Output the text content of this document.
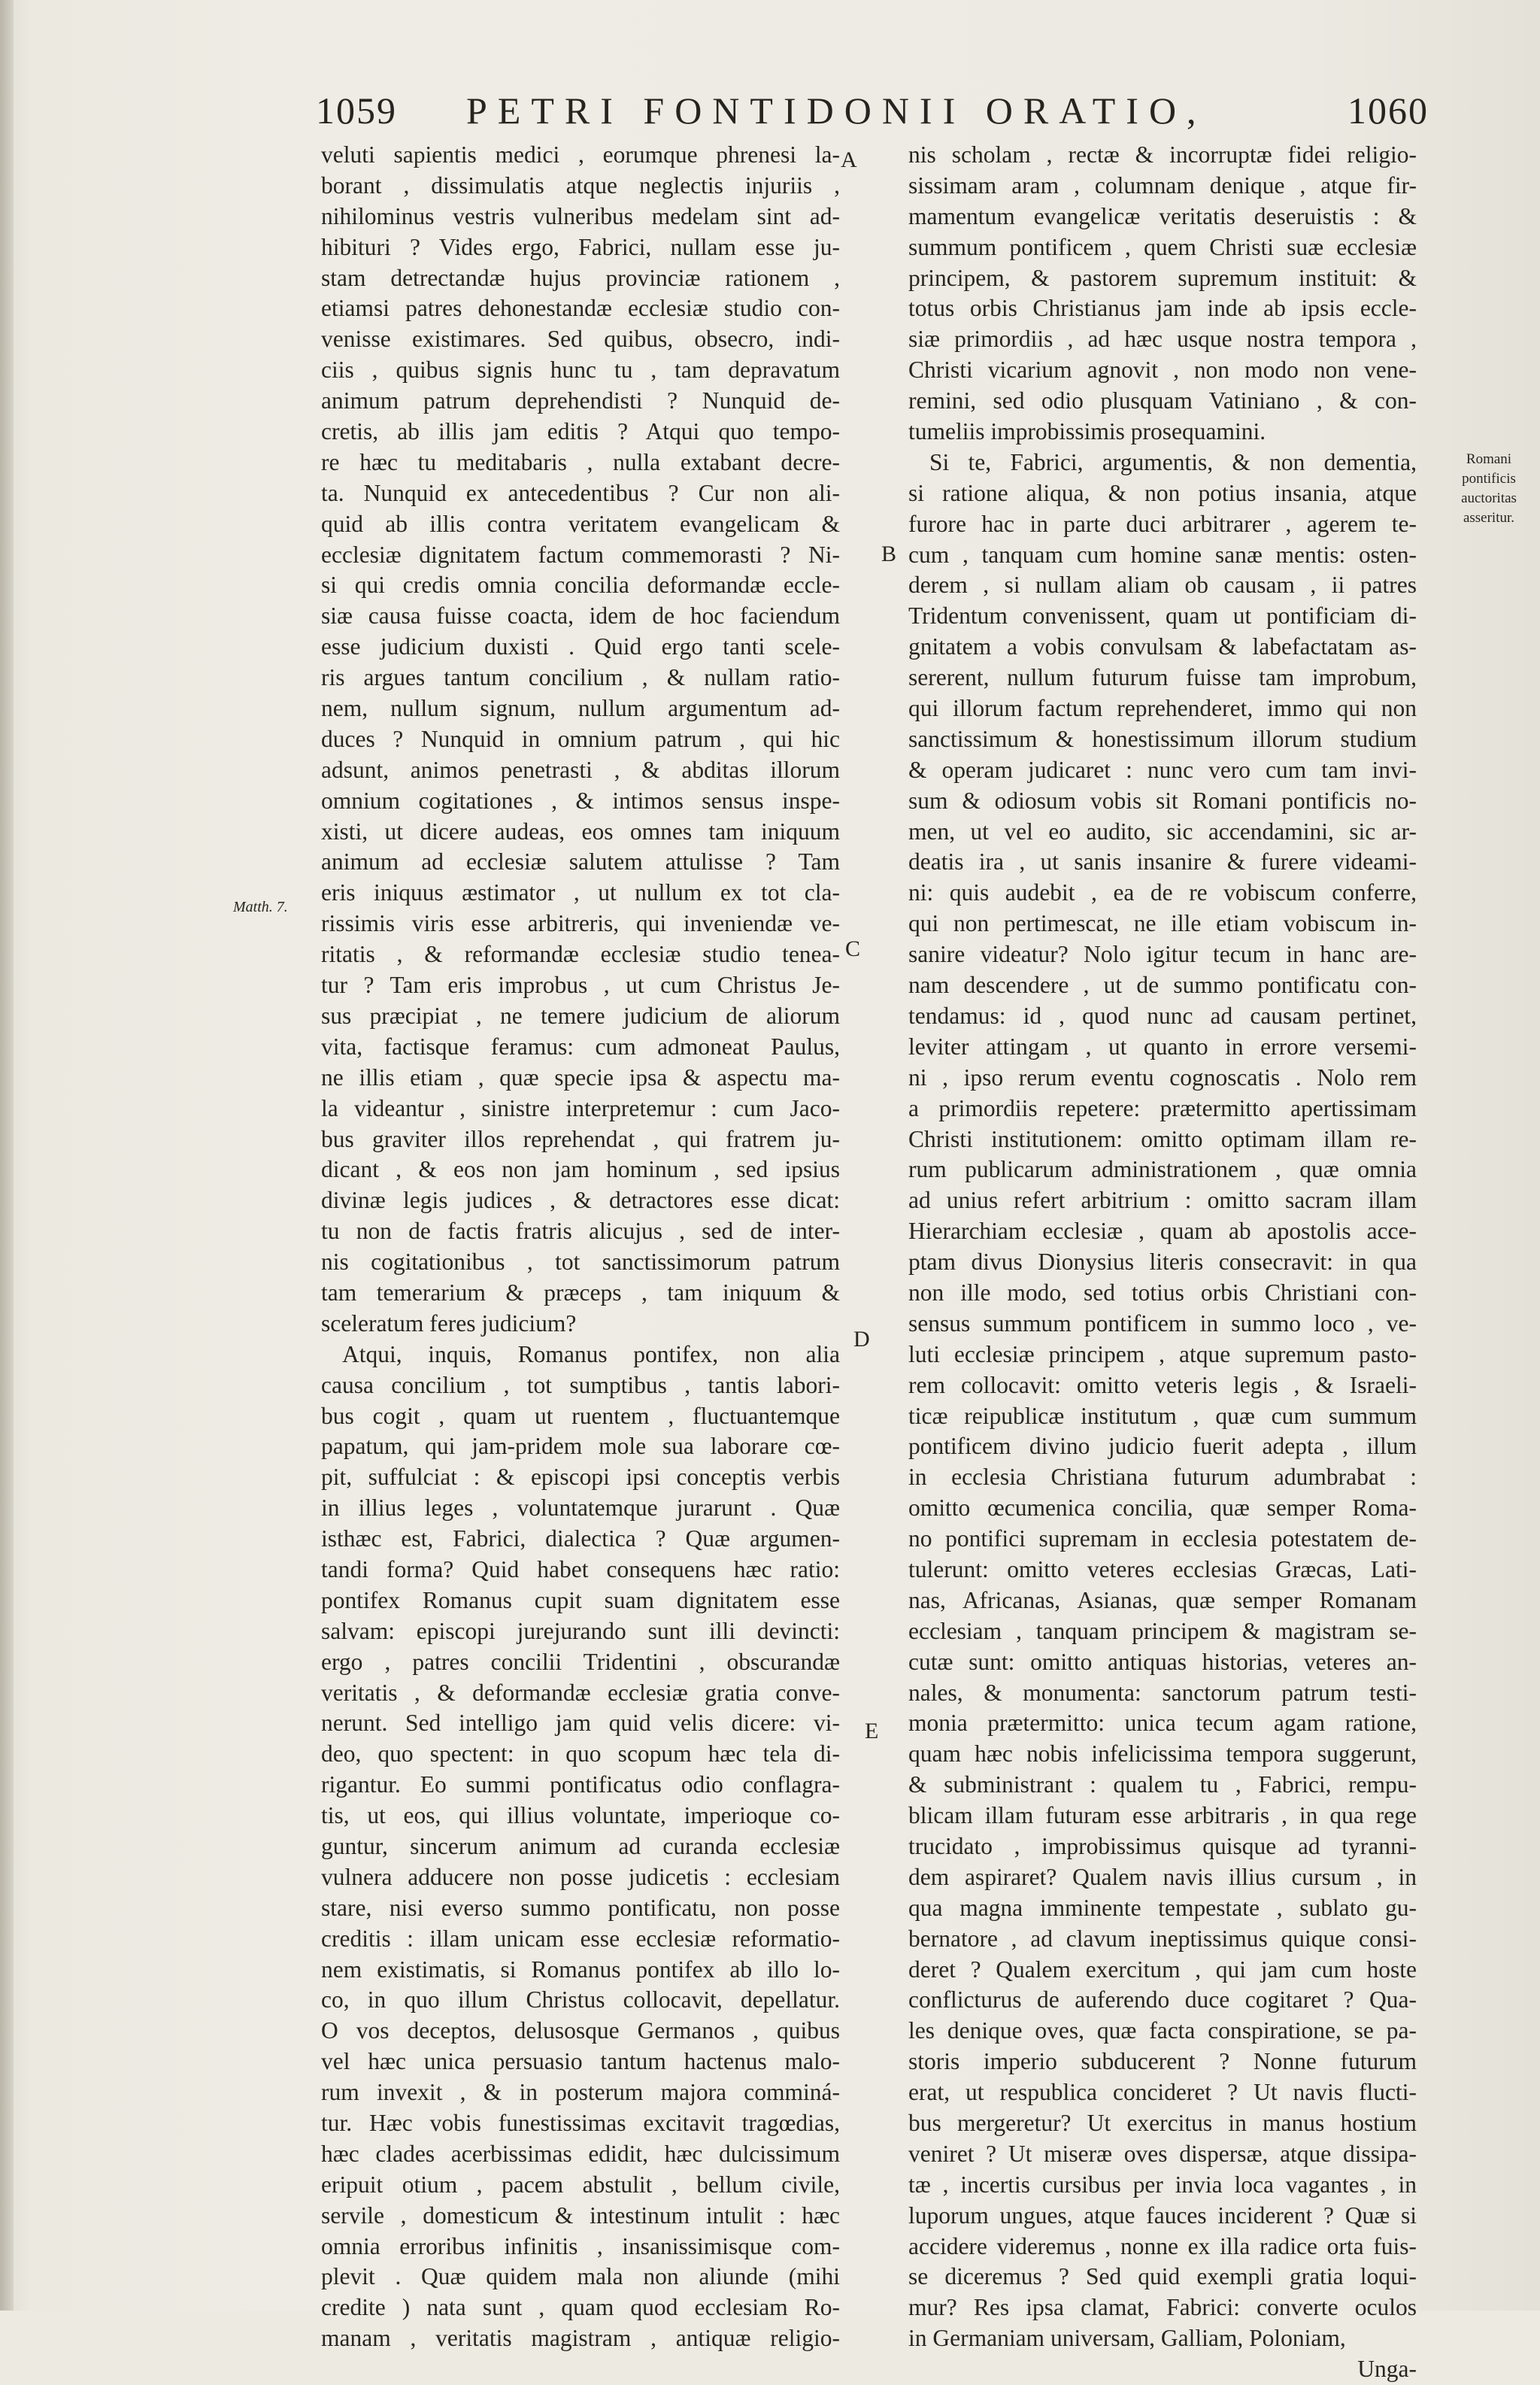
1059 PETRI FONTIDONII ORATIO,	1060
veluti sapientis medici , eorumque phrenesi la-
borant , dissimulatis atque neglectis injuriis ,
nihilominus vestris vulneribus medelam sint ad-
hibituri ? Vides ergo, Fabrici, nullam esse ju-
stam detrectandæ hujus provinciæ rationem ,
etiamsi patres dehonestandæ ecclesiæ studio con-
venisse existimares. Sed quibus, obsecro, indi-
ciis , quibus signis hunc tu , tam depravatum
animum patrum deprehendisti ? Nunquid de-
cretis, ab illis jam editis ? Atqui quo tempo-
re hæc tu meditabaris , nulla extabant decre-
ta. Nunquid ex antecedentibus ? Cur non ali-
quid ab illis contra veritatem evangelicam &
ecclesiæ dignitatem factum commemorasti ? Ni-
si qui credis omnia concilia deformandæ eccle-
siæ causa fuisse coacta, idem de hoc faciendum
esse judicium duxisti . Quid ergo tanti scele-
ris argues tantum concilium , & nullam ratio-
nem, nullum signum, nullum argumentum ad-
duces ? Nunquid in omnium patrum , qui hic
adsunt, animos penetrasti , & abditas illorum
omnium cogitationes , & intimos sensus inspe-
xisti, ut dicere audeas, eos omnes tam iniquum
animum ad ecclesiæ salutem attulisse ? Tam
eris iniquus æstimator , ut nullum ex tot cla-
rissimis viris esse arbitreris, qui inveniendæ ve-
ritatis , & reformandæ ecclesiæ studio tenea-
tur ? Tam eris improbus , ut cum Christus Je-
sus præcipiat , ne temere judicium de aliorum
vita, factisque feramus: cum admoneat Paulus,
ne illis etiam , quæ specie ipsa & aspectu ma-
la videantur , sinistre interpretemur : cum Jaco-
bus graviter illos reprehendat , qui fratrem ju-
dicant , & eos non jam hominum , sed ipsius
divinæ legis judices , & detractores esse dicat:
tu non de factis fratris alicujus , sed de inter-
nis cogitationibus , tot sanctissimorum patrum
tam temerarium & præceps , tam iniquum &
sceleratum feres judicium?
Atqui, inquis, Romanus pontifex, non alia
causa concilium , tot sumptibus , tantis labori-
bus cogit , quam ut ruentem , fluctuantemque
papatum, qui jam-pridem mole sua laborare cœ-
pit, suffulciat : & episcopi ipsi conceptis verbis
in illius leges , voluntatemque jurarunt . Quæ
isthæc est, Fabrici, dialectica ? Quæ argumen-
tandi forma? Quid habet consequens hæc ratio:
pontifex Romanus cupit suam dignitatem esse
salvam: episcopi jurejurando sunt illi devincti:
ergo , patres concilii Tridentini , obscurandæ
veritatis , & deformandæ ecclesiæ gratia conve-
nerunt. Sed intelligo jam quid velis dicere: vi-
deo, quo spectent: in quo scopum hæc tela di-
rigantur. Eo summi pontificatus odio conflagra-
tis, ut eos, qui illius voluntate, imperioque co-
guntur, sincerum animum ad curanda ecclesiæ
vulnera adducere non posse judicetis : ecclesiam
stare, nisi everso summo pontificatu, non posse
creditis : illam unicam esse ecclesiæ reformatio-
nem existimatis, si Romanus pontifex ab illo lo-
co, in quo illum Christus collocavit, depellatur.
O vos deceptos, delusosque Germanos , quibus
vel hæc unica persuasio tantum hactenus malo-
rum invexit , & in posterum majora comminá-
tur. Hæc vobis funestissimas excitavit tragœdias,
hæc clades acerbissimas edidit, hæc dulcissimum
eripuit otium , pacem abstulit , bellum civile,
servile , domesticum & intestinum intulit : hæc
omnia erroribus infinitis , insanissimisque com-
plevit . Quæ quidem mala non aliunde (mihi
credite ) nata sunt , quam quod ecclesiam Ro-
manam , veritatis magistram , antiquæ religio-
nis scholam , rectæ & incorruptæ fidei religio-
sissimam aram , columnam denique , atque fir-
mamentum evangelicæ veritatis deseruistis : &
summum pontificem , quem Christi suæ ecclesiæ
principem, & pastorem supremum instituit: &
totus orbis Christianus jam inde ab ipsis eccle-
siæ primordiis , ad hæc usque nostra tempora ,
Christi vicarium agnovit , non modo non vene-
remini, sed odio plusquam Vatiniano , & con-
tumeliis improbissimis prosequamini.
Si te, Fabrici, argumentis, & non dementia,
si ratione aliqua, & non potius insania, atque
furore hac in parte duci arbitrarer , agerem te-
cum , tanquam cum homine sanæ mentis: osten-
derem , si nullam aliam ob causam , ii patres
Tridentum convenissent, quam ut pontificiam di-
gnitatem a vobis convulsam & labefactatam as-
sererent, nullum futurum fuisse tam improbum,
qui illorum factum reprehenderet, immo qui non
sanctissimum & honestissimum illorum studium
& operam judicaret : nunc vero cum tam invi-
sum & odiosum vobis sit Romani pontificis no-
men, ut vel eo audito, sic accendamini, sic ar-
deatis ira , ut sanis insanire & furere videami-
ni: quis audebit , ea de re vobiscum conferre,
qui non pertimescat, ne ille etiam vobiscum in-
sanire videatur? Nolo igitur tecum in hanc are-
nam descendere , ut de summo pontificatu con-
tendamus: id , quod nunc ad causam pertinet,
leviter attingam , ut quanto in errore versemi-
ni , ipso rerum eventu cognoscatis . Nolo rem
a primordiis repetere: prætermitto apertissimam
Christi institutionem: omitto optimam illam re-
rum publicarum administrationem , quæ omnia
ad unius refert arbitrium : omitto sacram illam
Hierarchiam ecclesiæ , quam ab apostolis acce-
ptam divus Dionysius literis consecravit: in qua
non ille modo, sed totius orbis Christiani con-
sensus summum pontificem in summo loco , ve-
luti ecclesiæ principem , atque supremum pasto-
rem collocavit: omitto veteris legis , & Israeli-
ticæ reipublicæ institutum , quæ cum summum
pontificem divino judicio fuerit adepta , illum
in ecclesia Christiana futurum adumbrabat :
omitto œcumenica concilia, quæ semper Roma-
no pontifici supremam in ecclesia potestatem de-
tulerunt: omitto veteres ecclesias Græcas, Lati-
nas, Africanas, Asianas, quæ semper Romanam
ecclesiam , tanquam principem & magistram se-
cutæ sunt: omitto antiquas historias, veteres an-
nales, & monumenta: sanctorum patrum testi-
monia prætermitto: unica tecum agam ratione,
quam hæc nobis infelicissima tempora suggerunt,
& subministrant : qualem tu , Fabrici, rempu-
blicam illam futuram esse arbitraris , in qua rege
trucidato , improbissimus quisque ad tyranni-
dem aspiraret? Qualem navis illius cursum , in
qua magna imminente tempestate , sublato gu-
bernatore , ad clavum ineptissimus quique consi-
deret ? Qualem exercitum , qui jam cum hoste
conflicturus de auferendo duce cogitaret ? Qua-
les denique oves, quæ facta conspiratione, se pa-
storis imperio subducerent ? Nonne futurum
erat, ut respublica concideret ? Ut navis flucti-
bus mergeretur? Ut exercitus in manus hostium
veniret ? Ut miseræ oves dispersæ, atque dissipa-
tæ , incertis cursibus per invia loca vagantes , in
luporum ungues, atque fauces inciderent ? Quæ si
accidere videremus , nonne ex illa radice orta fuis-
se diceremus ? Sed quid exempli gratia loqui-
mur? Res ipsa clamat, Fabrici: converte oculos
in Germaniam universam, Galliam, Poloniam,
Unga-
A
B
C
D
E
Matth. 7.
Romani
pontificis
auctoritas
asseritur.
